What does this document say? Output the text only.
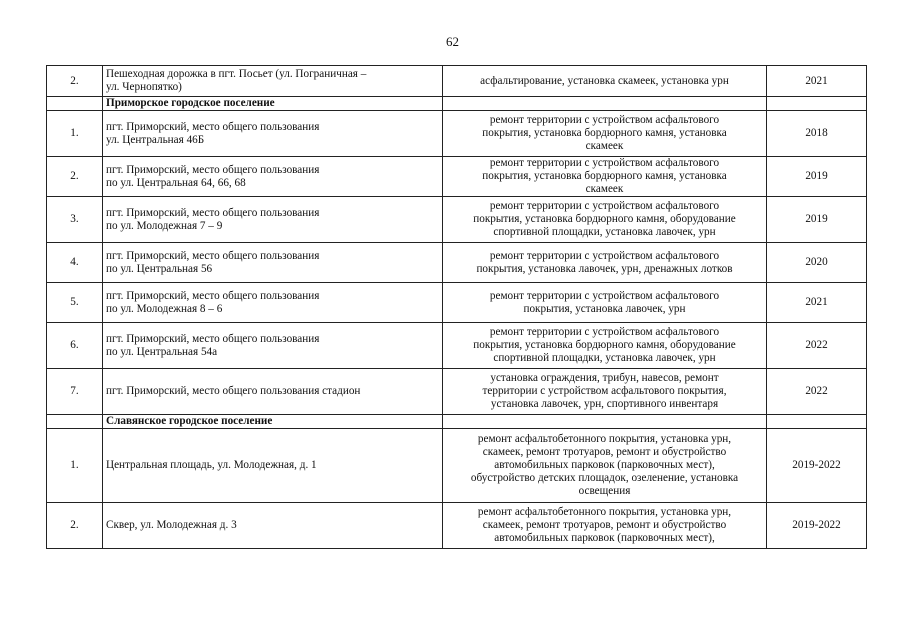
62
2.	Пешеходная дорожка в пгт. Посьет (ул. Пограничная –
ул. Чернопятко)	асфальтирование, установка скамеек, установка урн	2021
	Приморское городское поселение		
1.	пгт. Приморский, место общего пользования
ул. Центральная 46Б	ремонт территории с устройством асфальтового
покрытия, установка бордюрного камня, установка
скамеек	2018
2.	пгт. Приморский, место общего пользования
по ул. Центральная 64, 66, 68	ремонт территории с устройством асфальтового
покрытия, установка бордюрного камня, установка
скамеек	2019
3.	пгт. Приморский, место общего пользования
по ул. Молодежная 7 – 9	ремонт территории с устройством асфальтового
покрытия, установка бордюрного камня, оборудование
спортивной площадки, установка лавочек, урн	2019
4.	пгт. Приморский, место общего пользования
по ул. Центральная 56	ремонт территории с устройством асфальтового
покрытия, установка лавочек, урн, дренажных лотков	2020
5.	пгт. Приморский, место общего пользования
по ул. Молодежная 8 – 6	ремонт территории с устройством асфальтового
покрытия, установка лавочек, урн	2021
6.	пгт. Приморский, место общего пользования
по ул. Центральная 54а	ремонт территории с устройством асфальтового
покрытия, установка бордюрного камня, оборудование
спортивной площадки, установка лавочек, урн	2022
7.	пгт. Приморский, место общего пользования стадион	установка ограждения, трибун, навесов, ремонт
территории с устройством асфальтового покрытия,
установка лавочек, урн, спортивного инвентаря	2022
	Славянское городское поселение		
1.	Центральная площадь, ул. Молодежная, д. 1	ремонт асфальтобетонного покрытия, установка урн,
скамеек, ремонт тротуаров, ремонт и обустройство
автомобильных парковок (парковочных мест),
обустройство детских площадок, озеленение, установка
освещения	2019-2022
2.	Сквер, ул. Молодежная д. 3	ремонт асфальтобетонного покрытия, установка урн,
скамеек, ремонт тротуаров, ремонт и обустройство
автомобильных парковок (парковочных мест),	2019-2022
